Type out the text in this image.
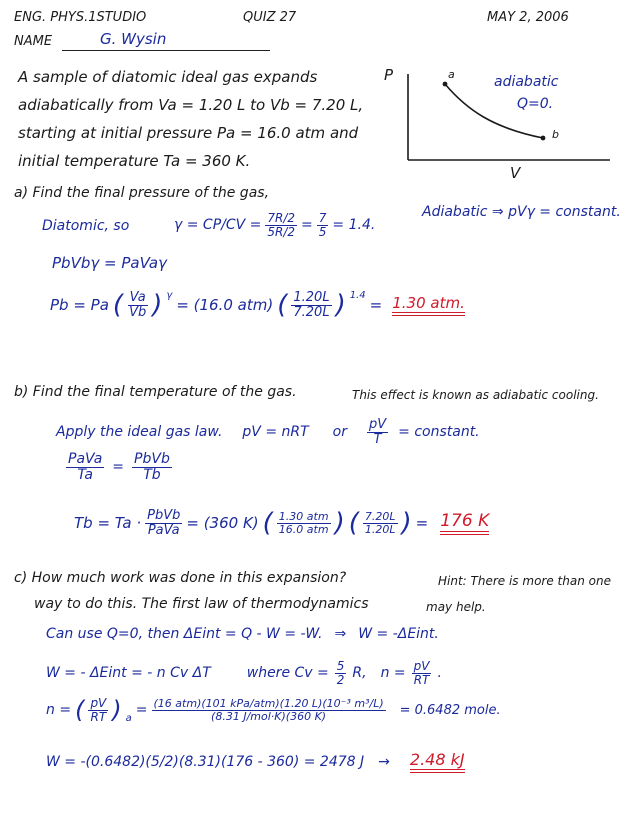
ENG. PHYS.1STUDIO	QUIZ 27	MAY 2, 2006
NAME	G. Wysin
A sample of diatomic ideal gas expands
adiabatically from Va = 1.20 L to Vb = 7.20 L,
starting at initial pressure Pa = 16.0 atm and
initial temperature Ta = 360 K.
P
V
a
b
adiabatic
Q=0.
a) Find the final pressure of the gas,
Diatomic, so	$\gamma = CP/CV = \frac{7R/2}{5R/2} = \frac{7}{5} = 1.4$.
Adiabatic ⇒ pVγ = constant.
PbVbγ = PaVaγ
Pb = Pa ( $\frac{Va}{Vb}$ ) $^\gamma$
= (16.0 atm) ( $\frac{1.20L}{7.20L}$ ) $^{1.4}$
= 1.30 atm.
b) Find the final temperature of the gas.	This effect is known as adiabatic cooling.
Apply the ideal gas law. pV = nRT or $\frac{pV}{T}$ = constant.
$\frac{\text{PaVa}}{Ta} = \frac{\text{PbVb}}{Tb}$
$Tb = Ta \cdot \frac{\text{PbVb}}{\text{PaVa}} = (360$ K) ( $\frac{\text{1.30 atm}}{\text{16.0 atm}}$ ) ( $\frac{7.20L}{1.20L}$ ) = 176 K
c) How much work was done in this expansion?	Hint: There is more than one
way to do this. The first law of thermodynamics	may help.
Can use Q=0, then ΔEint = Q - W = -W. ⇒ W = -ΔEint.
W = - ΔEint = - n Cv ΔT	where $Cv = \frac{5}{2} R$, $n = \frac{pV}{RT}$ .
n = ( $\frac{pV}{RT}$ ) $_a$
= $\frac{\text{(16 atm)(101 kPa/atm)(1.20 L)(10⁻³ m³/L)}}{\text{(8.31 J/mol·K)(360 K)}} = 0.6482$ mole.
W = -(0.6482)(5/2)(8.31)(176 - 360) = 2478 J → 2.48 kJ
